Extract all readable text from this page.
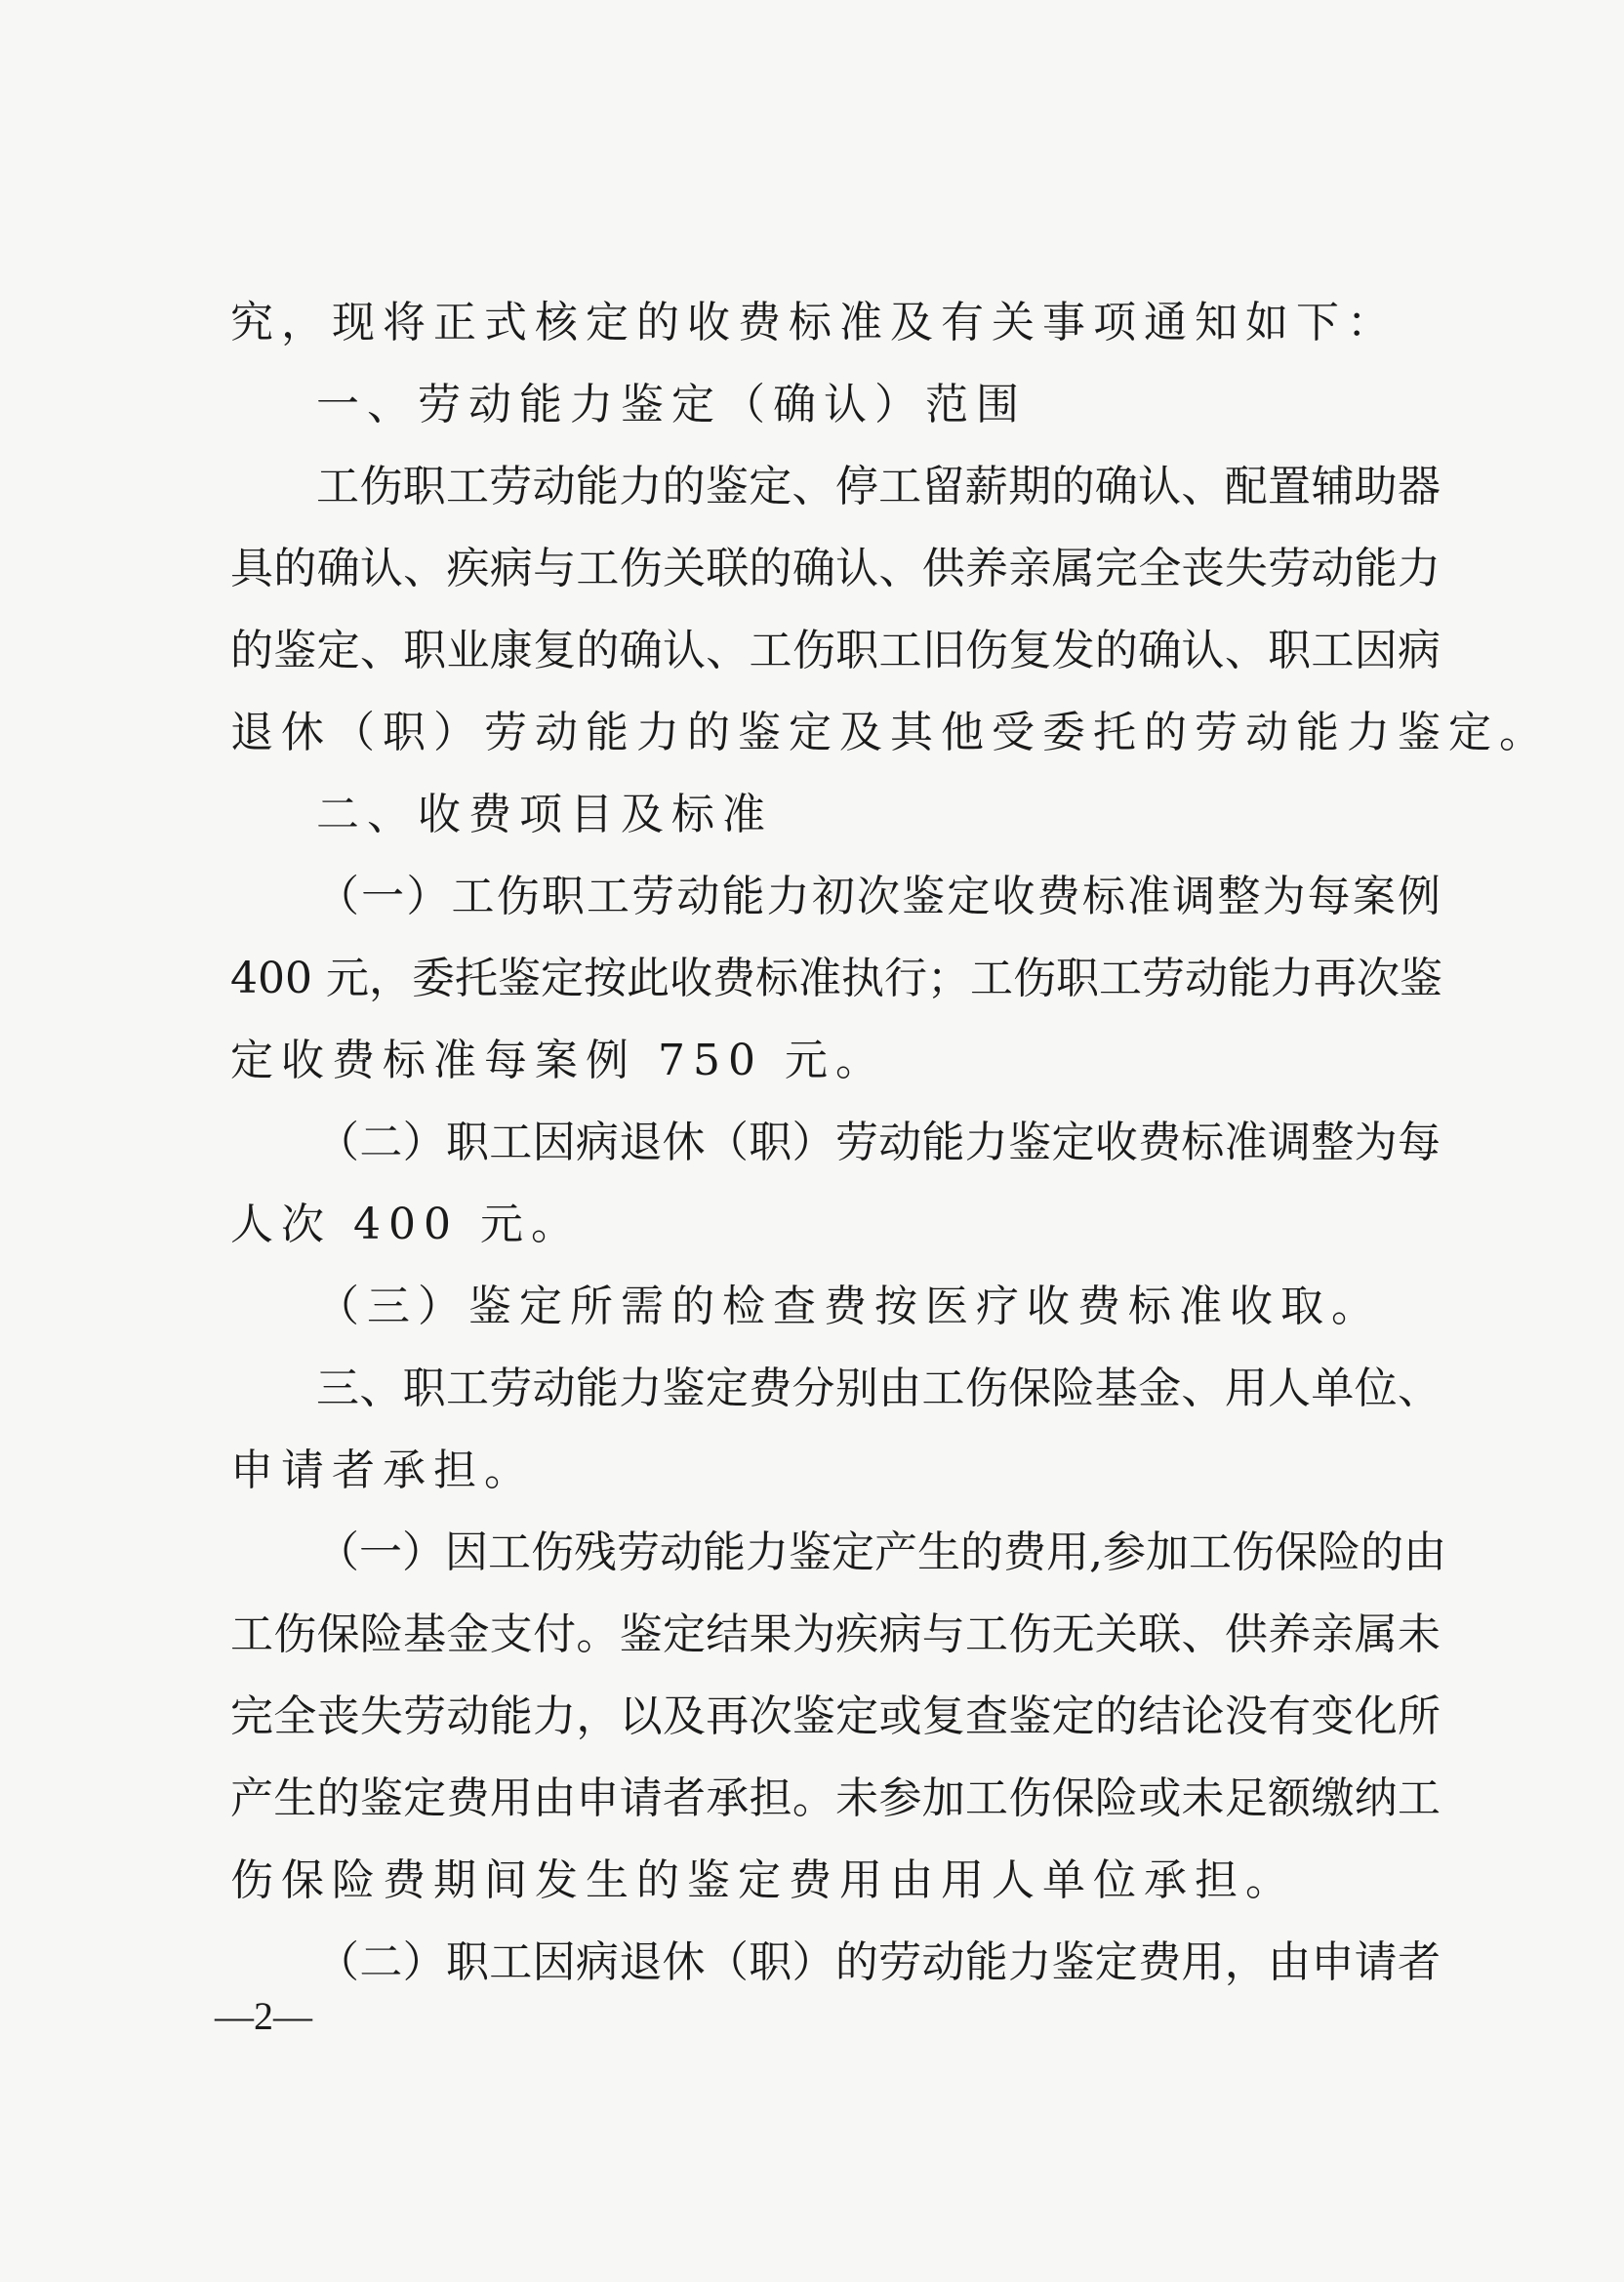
究，现将正式核定的收费标准及有关事项通知如下：
一、劳动能力鉴定（确认）范围
工伤职工劳动能力的鉴定、停工留薪期的确认、配置辅助器
具的确认、疾病与工伤关联的确认、供养亲属完全丧失劳动能力
的鉴定、职业康复的确认、工伤职工旧伤复发的确认、职工因病
退休（职）劳动能力的鉴定及其他受委托的劳动能力鉴定。
二、收费项目及标准
（一）工伤职工劳动能力初次鉴定收费标准调整为每案例
400 元，委托鉴定按此收费标准执行；工伤职工劳动能力再次鉴
定收费标准每案例 750 元。
（二）职工因病退休（职）劳动能力鉴定收费标准调整为每
人次 400 元。
（三）鉴定所需的检查费按医疗收费标准收取。
三、职工劳动能力鉴定费分别由工伤保险基金、用人单位、
申请者承担。
（一）因工伤残劳动能力鉴定产生的费用,参加工伤保险的由
工伤保险基金支付。鉴定结果为疾病与工伤无关联、供养亲属未
完全丧失劳动能力，以及再次鉴定或复查鉴定的结论没有变化所
产生的鉴定费用由申请者承担。未参加工伤保险或未足额缴纳工
伤保险费期间发生的鉴定费用由用人单位承担。
（二）职工因病退休（职）的劳动能力鉴定费用，由申请者
—2—
